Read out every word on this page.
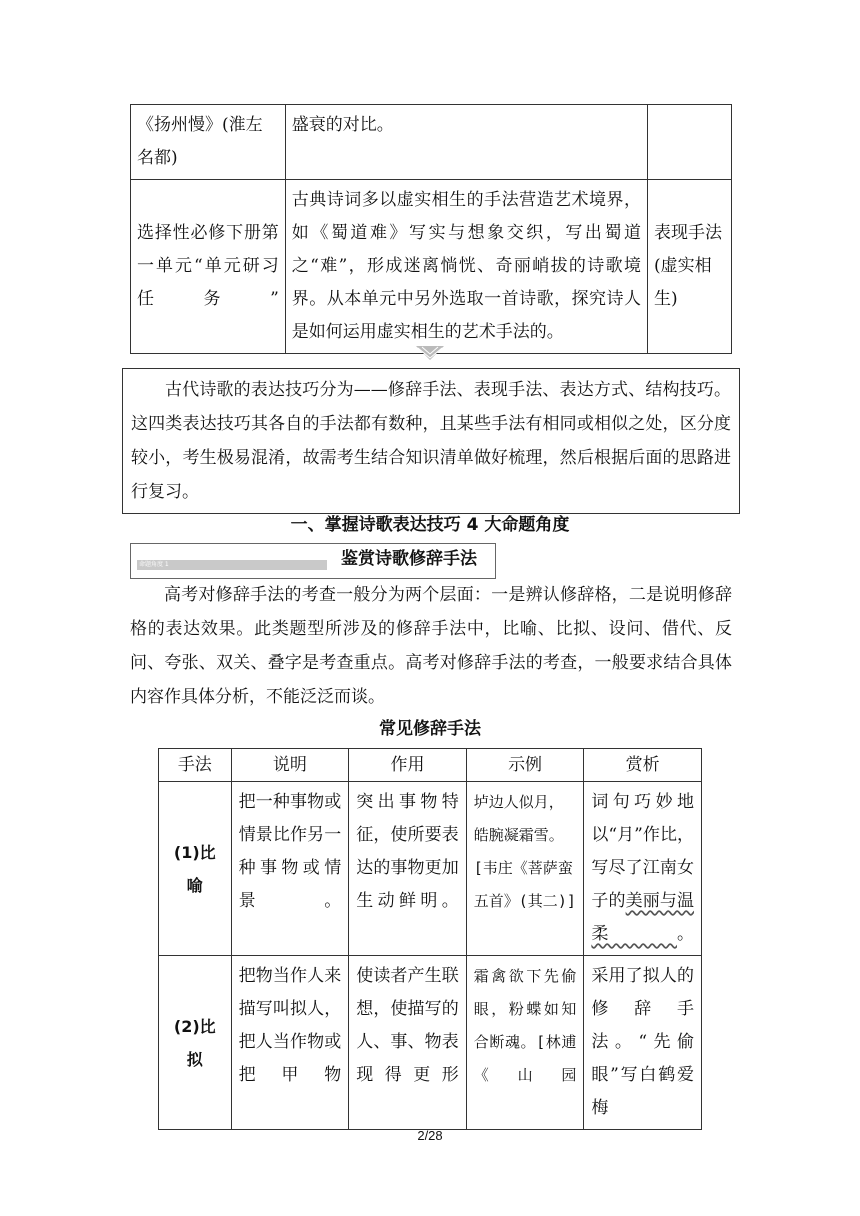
《扬州慢》(淮左名都)	盛衰的对比。	
选择性必修下册第一单元“单元研习任务”	古典诗词多以虚实相生的手法营造艺术境界，如《蜀道难》写实与想象交织，写出蜀道之“难”，形成迷离惝恍、奇丽峭拔的诗歌境界。从本单元中另外选取一首诗歌，探究诗人是如何运用虚实相生的艺术手法的。	表现手法(虚实相生)
古代诗歌的表达技巧分为——修辞手法、表现手法、表达方式、结构技巧。这四类表达技巧其各自的手法都有数种，且某些手法有相同或相似之处，区分度较小，考生极易混淆，故需考生结合知识清单做好梳理，然后根据后面的思路进行复习。
一、掌握诗歌表达技巧 4 大命题角度
命题角度 1	鉴赏诗歌修辞手法
高考对修辞手法的考查一般分为两个层面：一是辨认修辞格，二是说明修辞格的表达效果。此类题型所涉及的修辞手法中，比喻、比拟、设问、借代、反问、夸张、双关、叠字是考查重点。高考对修辞手法的考查，一般要求结合具体内容作具体分析，不能泛泛而谈。
常见修辞手法
手法	说明	作用	示例	赏析
(1)比喻	把一种事物或情景比作另一种事物或情景。	突出事物特征，使所要表达的事物更加生动鲜明。	垆边人似月，皓腕凝霜雪。[韦庄《菩萨蛮五首》(其二)]	词句巧妙地以“月”作比，写尽了江南女子的美丽与温柔。
(2)比拟	把物当作人来描写叫拟人，把人当作物或把甲物	使读者产生联想，使描写的人、事、物表现得更形	霜禽欲下先偷眼，粉蝶如知合断魂。[林逋《山园	采用了拟人的修辞手法。“先偷眼”写白鹤爱梅
2/28
